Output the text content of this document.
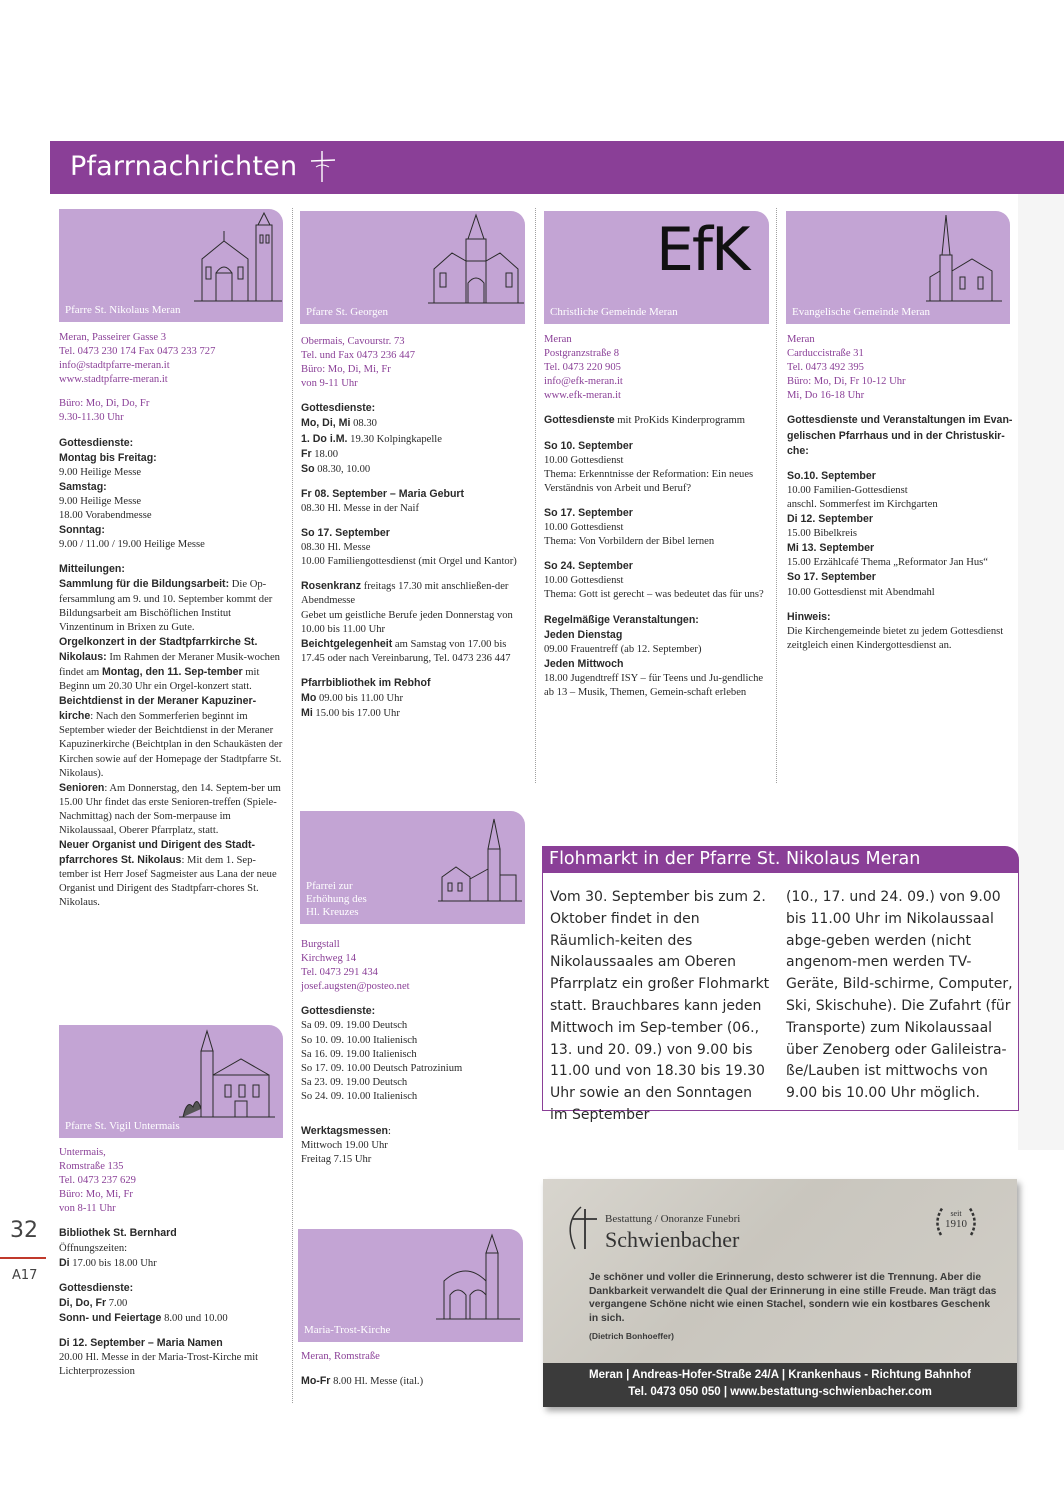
Pfarrnachrichten
Pfarre St. Nikolaus Meran
Meran, Passeirer Gasse 3
Tel. 0473 230 174 Fax 0473 233 727
info@stadtpfarre-meran.it
www.stadtpfarre-meran.it
Büro: Mo, Di, Do, Fr
9.30-11.30 Uhr
Gottesdienste:
Montag bis Freitag:
9.00 Heilige Messe
Samstag:
9.00 Heilige Messe
18.00 Vorabendmesse
Sonntag:
9.00 / 11.00 / 19.00 Heilige Messe
Mitteilungen:
Sammlung für die Bildungsarbeit: Die Op-fersammlung am 9. und 10. September kommt der Bildungsarbeit am Bischöflichen Institut Vinzentinum in Brixen zu Gute.
Orgelkonzert in der Stadtpfarrkirche St. Nikolaus: Im Rahmen der Meraner Musik-wochen findet am Montag, den 11. Sep-tember mit Beginn um 20.30 Uhr ein Orgel-konzert statt.
Beichtdienst in der Meraner Kapuziner-kirche: Nach den Sommerferien beginnt im September wieder der Beichtdienst in der Meraner Kapuzinerkirche (Beichtplan in den Schaukästen der Kirchen sowie auf der Homepage der Stadtpfarre St. Nikolaus).
Senioren: Am Donnerstag, den 14. Septem-ber um 15.00 Uhr findet das erste Senioren-treffen (Spiele-Nachmittag) nach der Som-merpause im Nikolaussaal, Oberer Pfarrplatz, statt.
Neuer Organist und Dirigent des Stadt-pfarrchores St. Nikolaus: Mit dem 1. Sep-tember ist Herr Josef Sagmeister aus Lana der neue Organist und Dirigent des Stadtpfarr-chores St. Nikolaus.
Pfarre St. Vigil Untermais
Untermais,
Romstraße 135
Tel. 0473 237 629
Büro: Mo, Mi, Fr
von 8-11 Uhr
Bibliothek St. Bernhard
Öffnungszeiten:
Di 17.00 bis 18.00 Uhr
Gottesdienste:
Di, Do, Fr 7.00
Sonn- und Feiertage 8.00 und 10.00
Di 12. September – Maria Namen
20.00 Hl. Messe in der Maria-Trost-Kirche mit Lichterprozession
Pfarre St. Georgen
Obermais, Cavourstr. 73
Tel. und Fax 0473 236 447
Büro: Mo, Di, Mi, Fr
von 9-11 Uhr
Gottesdienste:
Mo, Di, Mi 08.30
1. Do i.M. 19.30 Kolpingkapelle
Fr 18.00
So 08.30, 10.00
Fr 08. September – Maria Geburt
08.30 Hl. Messe in der Naif
So 17. September
08.30 Hl. Messe
10.00 Familiengottesdienst (mit Orgel und Kantor)
Rosenkranz freitags 17.30 mit anschließen-der Abendmesse
Gebet um geistliche Berufe jeden Donnerstag von 10.00 bis 11.00 Uhr
Beichtgelegenheit am Samstag von 17.00 bis 17.45 oder nach Vereinbarung, Tel. 0473 236 447
Pfarrbibliothek im Rebhof
Mo 09.00 bis 11.00 Uhr
Mi 15.00 bis 17.00 Uhr
Pfarrei zur
Erhöhung des
Hl. Kreuzes
Burgstall
Kirchweg 14
Tel. 0473 291 434
josef.augsten@posteo.net
Gottesdienste:
Sa 09. 09. 19.00 Deutsch
So 10. 09. 10.00 Italienisch
Sa 16. 09. 19.00 Italienisch
So 17. 09. 10.00 Deutsch Patrozinium
Sa 23. 09. 19.00 Deutsch
So 24. 09. 10.00 Italienisch
Werktagsmessen:
Mittwoch 19.00 Uhr
Freitag 7.15 Uhr
Maria-Trost-Kirche
Meran, Romstraße
Mo-Fr 8.00 Hl. Messe (ital.)
EfK
Christliche Gemeinde Meran
Meran
Postgranzstraße 8
Tel. 0473 220 905
info@efk-meran.it
www.efk-meran.it
Gottesdienste mit ProKids Kinderprogramm
So 10. September
10.00 Gottesdienst
Thema: Erkenntnisse der Reformation: Ein neues Verständnis von Arbeit und Beruf?
So 17. September
10.00 Gottesdienst
Thema: Von Vorbildern der Bibel lernen
So 24. September
10.00 Gottesdienst
Thema: Gott ist gerecht – was bedeutet das für uns?
Regelmäßige Veranstaltungen:
Jeden Dienstag
09.00 Frauentreff (ab 12. September)
Jeden Mittwoch
18.00 Jugendtreff ISY – für Teens und Ju-gendliche ab 13 – Musik, Themen, Gemein-schaft erleben
Evangelische Gemeinde Meran
Meran
Carduccistraße 31
Tel. 0473 492 395
Büro: Mo, Di, Fr 10-12 Uhr
Mi, Do 16-18 Uhr
Gottesdienste und Veranstaltungen im Evan-gelischen Pfarrhaus und in der Christuskir-che:
So.10. September
10.00 Familien-Gottesdienst
anschl. Sommerfest im Kirchgarten
Di 12. September
15.00 Bibelkreis
Mi 13. September
15.00 Erzählcafé Thema „Reformator Jan Hus“
So 17. September
10.00 Gottesdienst mit Abendmahl
Hinweis:
Die Kirchengemeinde bietet zu jedem Gottesdienst zeitgleich einen Kindergottesdienst an.
Flohmarkt in der Pfarre St. Nikolaus Meran
Vom 30. September bis zum 2. Oktober findet in den Räumlich-keiten des Nikolaussaales am Oberen Pfarrplatz ein großer Flohmarkt statt. Brauchbares kann jeden Mittwoch im Sep-tember (06., 13. und 20. 09.) von 9.00 bis 11.00 und von 18.30 bis 19.30 Uhr sowie an den Sonntagen im September
(10., 17. und 24. 09.) von 9.00 bis 11.00 Uhr im Nikolaussaal abge-geben werden (nicht angenom-men werden TV-Geräte, Bild-schirme, Computer, Ski, Skischuhe). Die Zufahrt (für Transporte) zum Nikolaussaal über Zenoberg oder Galileistra-ße/Lauben ist mittwochs von 9.00 bis 10.00 Uhr möglich.
Bestattung / Onoranze Funebri
Schwienbacher
seit
1910
Je schöner und voller die Erinnerung, desto schwerer ist die Trennung. Aber die Dankbarkeit verwandelt die Qual der Erinnerung in eine stille Freude. Man trägt das vergangene Schöne nicht wie einen Stachel, sondern wie ein kostbares Geschenk in sich.
(Dietrich Bonhoeffer)
Meran | Andreas-Hofer-Straße 24/A | Krankenhaus - Richtung Bahnhof
Tel. 0473 050 050 | www.bestattung-schwienbacher.com
32
A17
